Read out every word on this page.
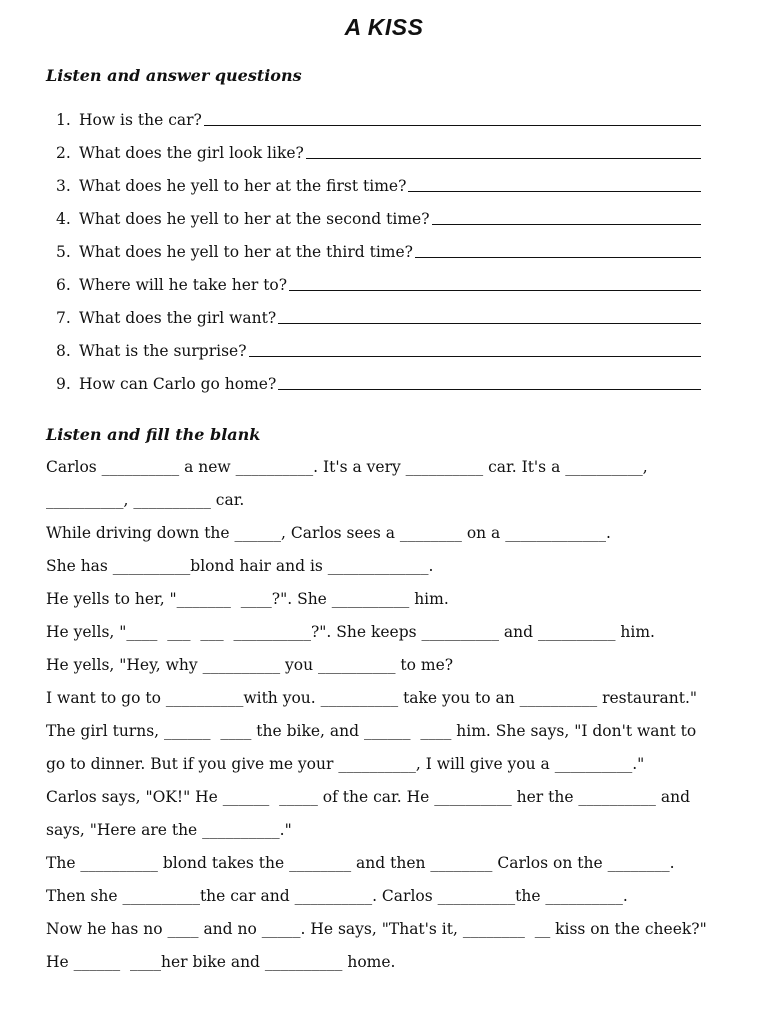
A KISS
Listen and answer questions
1. How is the car?
2. What does the girl look like?
3. What does he yell to her at the first time?
4. What does he yell to her at the second time?
5. What does he yell to her at the third time?
6. Where will he take her to?
7. What does the girl want?
8. What is the surprise?
9. How can Carlo go home?
Listen and fill the blank
Carlos __________ a new __________. It's a very __________ car. It's a __________,
__________, __________ car.
While driving down the ______, Carlos sees a ________ on a _____________.
She has __________blond hair and is _____________.
He yells to her, "_______  ____?". She __________ him.
He yells, "____  ___  ___  __________?". She keeps __________ and __________ him.
He yells, "Hey, why __________ you __________ to me?
I want to go to __________with you. __________ take you to an __________ restaurant."
The girl turns, ______  ____ the bike, and ______  ____ him. She says, "I don't want to
go to dinner. But if you give me your __________, I will give you a __________."
Carlos says, "OK!" He ______  _____ of the car. He __________ her the __________ and
says, "Here are the __________."
The __________ blond takes the ________ and then ________ Carlos on the ________.
Then she __________the car and __________. Carlos __________the __________.
Now he has no ____ and no _____. He says, "That's it, ________  __ kiss on the cheek?"
He ______  ____her bike and __________ home.
